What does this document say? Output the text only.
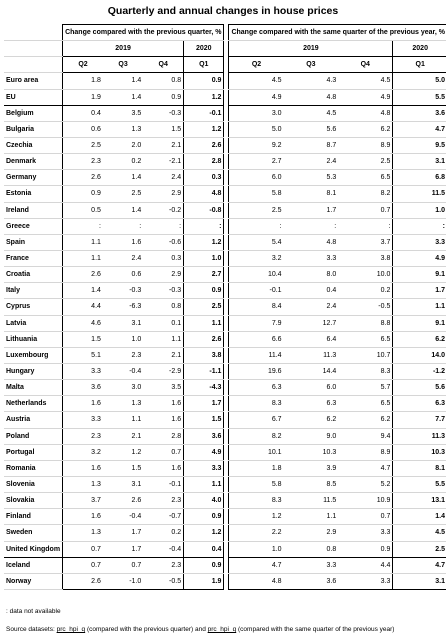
Quarterly and annual changes in house prices
	Change compared with the previous quarter, %					Change compared with the same quarter of the previous year, %			
	2019			2020		2019			2020
	Q2	Q3	Q4	Q1		Q2	Q3	Q4	Q1
Euro area	1.8	1.4	0.8	0.9		4.5	4.3	4.5	5.0
EU	1.9	1.4	0.9	1.2		4.9	4.8	4.9	5.5
Belgium	0.4	3.5	-0.3	-0.1		3.0	4.5	4.8	3.6
Bulgaria	0.6	1.3	1.5	1.2		5.0	5.6	6.2	4.7
Czechia	2.5	2.0	2.1	2.6		9.2	8.7	8.9	9.5
Denmark	2.3	0.2	-2.1	2.8		2.7	2.4	2.5	3.1
Germany	2.6	1.4	2.4	0.3		6.0	5.3	6.5	6.8
Estonia	0.9	2.5	2.9	4.8		5.8	8.1	8.2	11.5
Ireland	0.5	1.4	-0.2	-0.8		2.5	1.7	0.7	1.0
Greece	:	:	:	:		:	:	:	:
Spain	1.1	1.6	-0.6	1.2		5.4	4.8	3.7	3.3
France	1.1	2.4	0.3	1.0		3.2	3.3	3.8	4.9
Croatia	2.6	0.6	2.9	2.7		10.4	8.0	10.0	9.1
Italy	1.4	-0.3	-0.3	0.9		-0.1	0.4	0.2	1.7
Cyprus	4.4	-6.3	0.8	2.5		8.4	2.4	-0.5	1.1
Latvia	4.6	3.1	0.1	1.1		7.9	12.7	8.8	9.1
Lithuania	1.5	1.0	1.1	2.6		6.6	6.4	6.5	6.2
Luxembourg	5.1	2.3	2.1	3.8		11.4	11.3	10.7	14.0
Hungary	3.3	-0.4	-2.9	-1.1		19.6	14.4	8.3	-1.2
Malta	3.6	3.0	3.5	-4.3		6.3	6.0	5.7	5.6
Netherlands	1.6	1.3	1.6	1.7		8.3	6.3	6.5	6.3
Austria	3.3	1.1	1.6	1.5		6.7	6.2	6.2	7.7
Poland	2.3	2.1	2.8	3.6		8.2	9.0	9.4	11.3
Portugal	3.2	1.2	0.7	4.9		10.1	10.3	8.9	10.3
Romania	1.6	1.5	1.6	3.3		1.8	3.9	4.7	8.1
Slovenia	1.3	3.1	-0.1	1.1		5.8	8.5	5.2	5.5
Slovakia	3.7	2.6	2.3	4.0		8.3	11.5	10.9	13.1
Finland	1.6	-0.4	-0.7	0.9		1.2	1.1	0.7	1.4
Sweden	1.3	1.7	0.2	1.2		2.2	2.9	3.3	4.5
United Kingdom	0.7	1.7	-0.4	0.4		1.0	0.8	0.9	2.5
Iceland	0.7	0.7	2.3	0.9		4.7	3.3	4.4	4.7
Norway	2.6	-1.0	-0.5	1.9		4.8	3.6	3.3	3.1
: data not available
Source datasets: prc_hpi_q (compared with the previous quarter) and prc_hpi_q (compared with the same quarter of the previous year)
